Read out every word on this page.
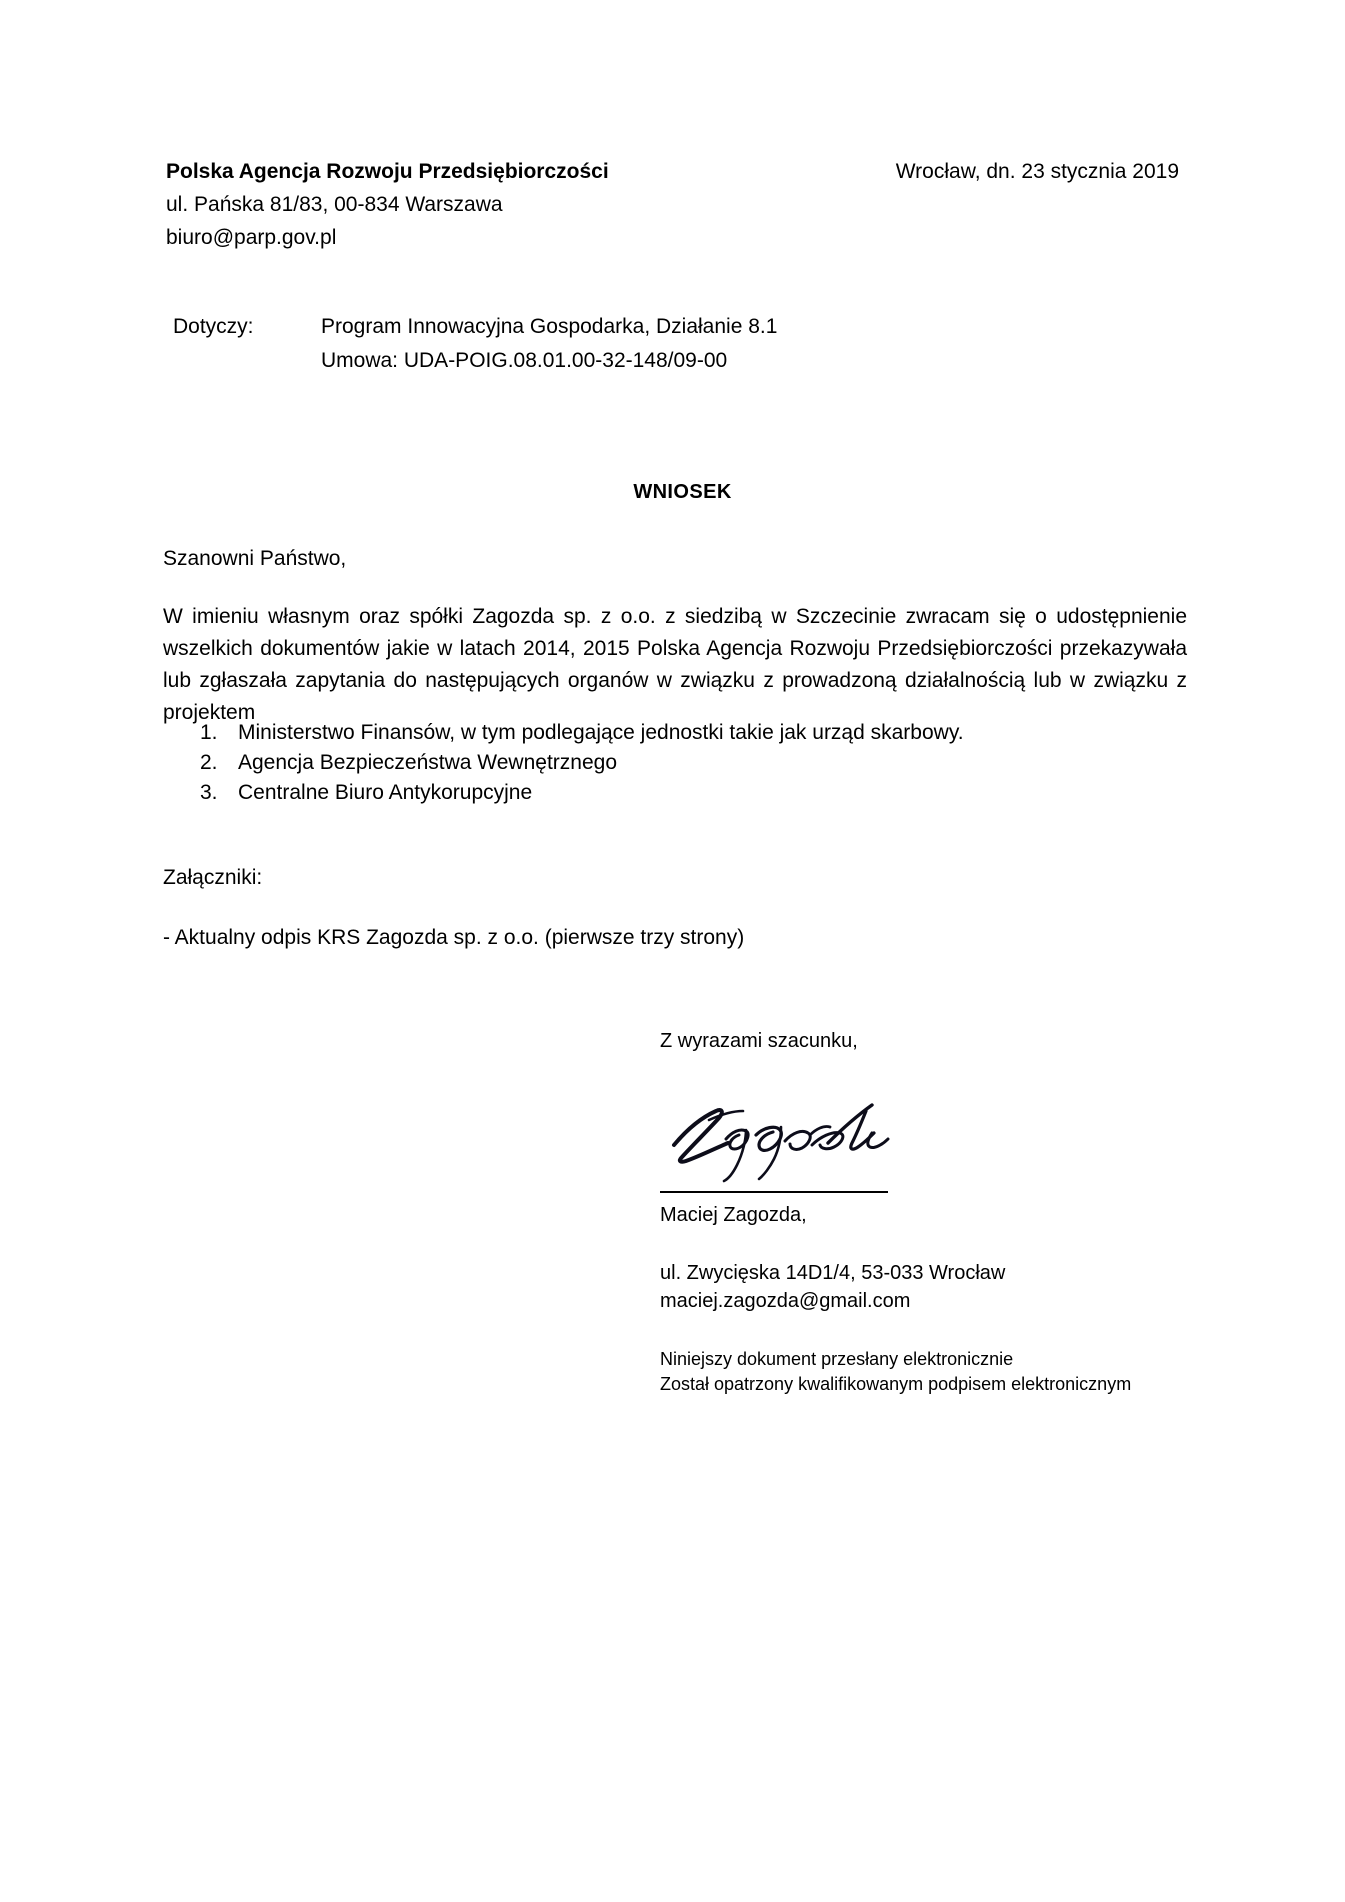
Polska Agencja Rozwoju Przedsiębiorczości
ul. Pańska 81/83, 00-834 Warszawa
biuro@parp.gov.pl
Wrocław, dn. 23 stycznia 2019
Dotyczy:	Program Innowacyjna Gospodarka, Działanie 8.1
Umowa: UDA-POIG.08.01.00-32-148/09-00
WNIOSEK

Szanowni Państwo,

W imieniu własnym oraz spółki Zagozda sp. z o.o. z siedzibą w Szczecinie zwracam się o udostępnienie wszelkich dokumentów jakie w latach 2014, 2015 Polska Agencja Rozwoju Przedsiębiorczości przekazywała lub zgłaszała zapytania do następujących organów w związku z prowadzoną działalnością lub w związku z projektem

1. Ministerstwo Finansów, w tym podlegające jednostki takie jak urząd skarbowy.
2. Agencja Bezpieczeństwa Wewnętrznego
3. Centralne Biuro Antykorupcyjne

Załączniki:

- Aktualny odpis KRS Zagozda sp. z o.o. (pierwsze trzy strony)

Z wyrazami szacunku,

Maciej Zagozda,

ul. Zwycięska 14D1/4, 53-033 Wrocław
maciej.zagozda@gmail.com
Niniejszy dokument przesłany elektronicznie
Został opatrzony kwalifikowanym podpisem elektronicznym
